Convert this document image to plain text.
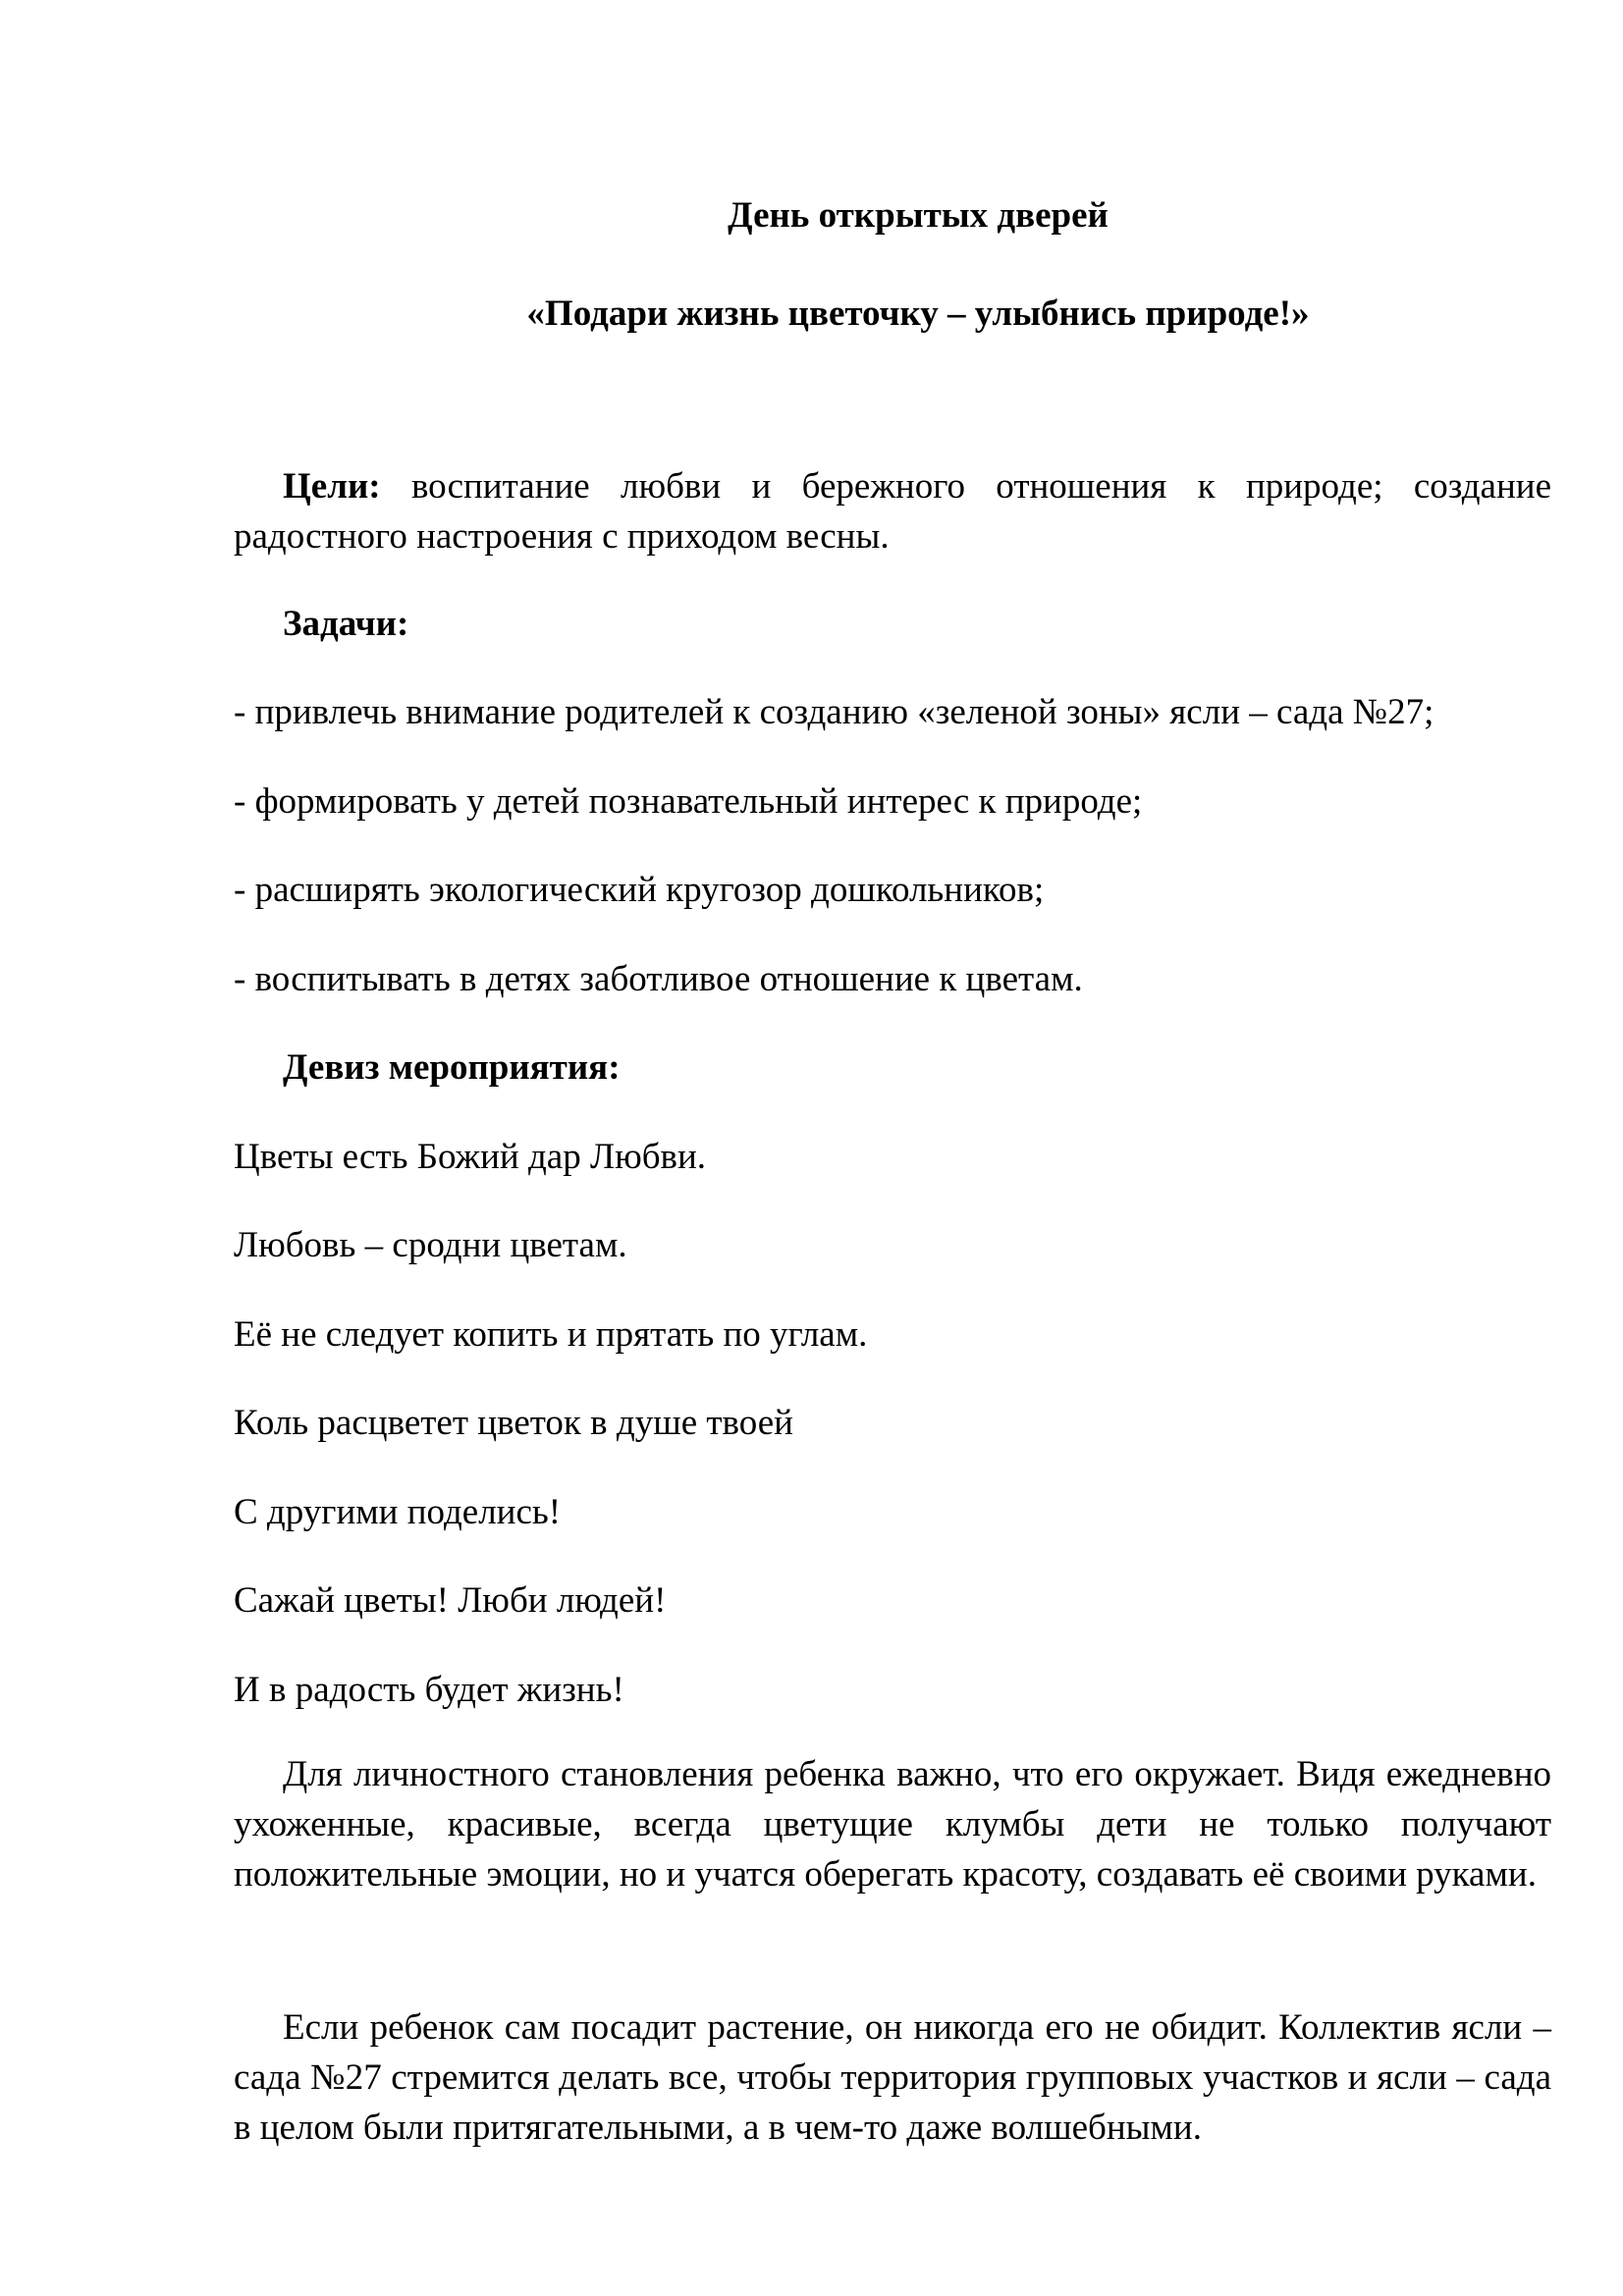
День открытых дверей
«Подари жизнь цветочку – улыбнись природе!»

Цели: воспитание любви и бережного отношения к природе; создание радостного настроения с приходом весны.

Задачи:
- привлечь внимание родителей к созданию «зеленой зоны» ясли – сада №27;
- формировать у детей познавательный интерес к природе;
- расширять экологический кругозор дошкольников;
- воспитывать в детях заботливое отношение к цветам.
Девиз мероприятия:
Цветы есть Божий дар Любви.
Любовь – сродни цветам.
Её не следует копить и прятать по углам.
Коль расцветет цветок в душе твоей
С другими поделись!
Сажай цветы! Люби людей!
И в радость будет жизнь!

Для личностного становления ребенка важно, что его окружает. Видя ежедневно ухоженные, красивые, всегда цветущие клумбы дети не только получают положительные эмоции, но и учатся оберегать красоту, создавать её своими руками.

Если ребенок сам посадит растение, он никогда его не обидит. Коллектив ясли – сада №27 стремится делать все, чтобы территория групповых участков и ясли – сада в целом были притягательными, а в чем-то даже волшебными.
